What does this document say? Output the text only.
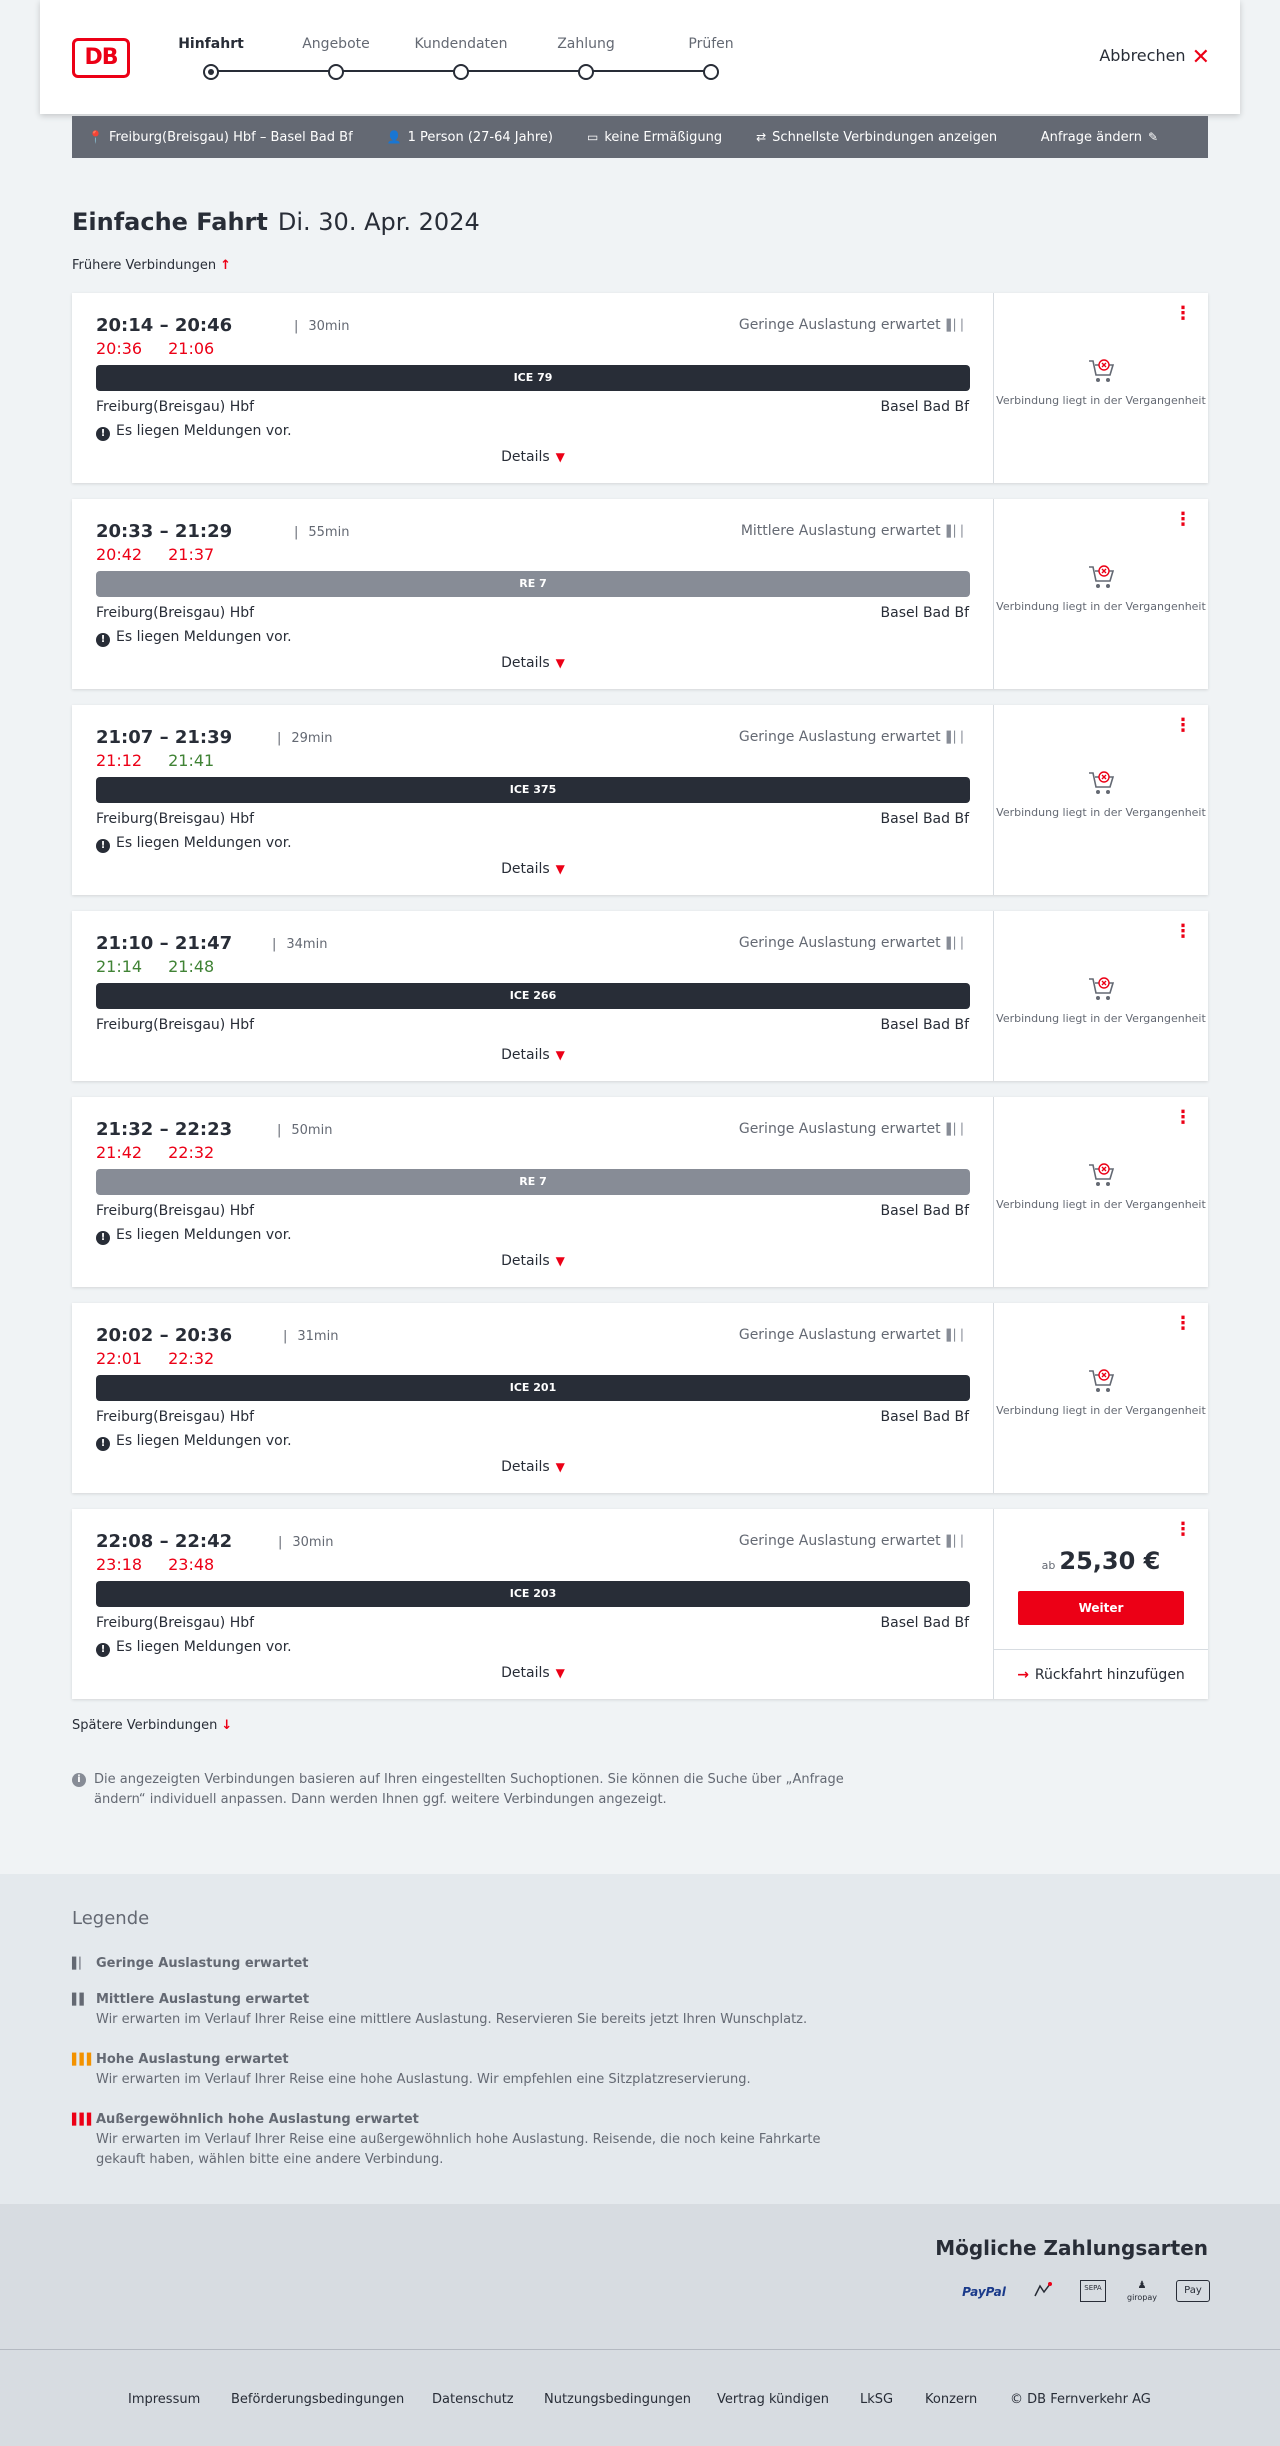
DB
Hinfahrt	Angebote	Kundendaten	Zahlung	Prüfen
Abbrechen ✕
📍 Freiburg(Breisgau) Hbf – Basel Bad Bf	👤 1 Person (27-64 Jahre)	▭ keine Ermäßigung	⇄ Schnellste Verbindungen anzeigen	Anfrage ändern ✎
Einfache Fahrt Di. 30. Apr. 2024
Frühere Verbindungen ↑
20:14 – 20:46	| 30min
20:36 21:06
Geringe Auslastung erwartet ▌▏▏
ICE 79
Freiburg(Breisgau) Hbf	Basel Bad Bf
! Es liegen Meldungen vor.
Details ▼
⋮
Verbindung liegt in der Vergangenheit
20:33 – 21:29	| 55min
20:42 21:37
Mittlere Auslastung erwartet ▌▏▏
RE 7
Freiburg(Breisgau) Hbf	Basel Bad Bf
! Es liegen Meldungen vor.
Details ▼
⋮
Verbindung liegt in der Vergangenheit
21:07 – 21:39	| 29min
21:12 21:41
Geringe Auslastung erwartet ▌▏▏
ICE 375
Freiburg(Breisgau) Hbf	Basel Bad Bf
! Es liegen Meldungen vor.
Details ▼
⋮
Verbindung liegt in der Vergangenheit
21:10 – 21:47	| 34min
21:14 21:48
Geringe Auslastung erwartet ▌▏▏
ICE 266
Freiburg(Breisgau) Hbf	Basel Bad Bf
Details ▼
⋮
Verbindung liegt in der Vergangenheit
21:32 – 22:23	| 50min
21:42 22:32
Geringe Auslastung erwartet ▌▏▏
RE 7
Freiburg(Breisgau) Hbf	Basel Bad Bf
! Es liegen Meldungen vor.
Details ▼
⋮
Verbindung liegt in der Vergangenheit
20:02 – 20:36	| 31min
22:01 22:32
Geringe Auslastung erwartet ▌▏▏
ICE 201
Freiburg(Breisgau) Hbf	Basel Bad Bf
! Es liegen Meldungen vor.
Details ▼
⋮
Verbindung liegt in der Vergangenheit
22:08 – 22:42	| 30min
23:18 23:48
Geringe Auslastung erwartet ▌▏▏
ICE 203
Freiburg(Breisgau) Hbf	Basel Bad Bf
! Es liegen Meldungen vor.
Details ▼
⋮
ab 25,30 €
Weiter
→ Rückfahrt hinzufügen
Spätere Verbindungen ↓
i	Die angezeigten Verbindungen basieren auf Ihren eingestellten Suchoptionen. Sie können die Suche über „Anfrage ändern“ individuell anpassen. Dann werden Ihnen ggf. weitere Verbindungen angezeigt.
Legende
▌▏ Geringe Auslastung erwartet
▌▌ Mittlere Auslastung erwartet
Wir erwarten im Verlauf Ihrer Reise eine mittlere Auslastung. Reservieren Sie bereits jetzt Ihren Wunschplatz.
▌▌▌ Hohe Auslastung erwartet
Wir erwarten im Verlauf Ihrer Reise eine hohe Auslastung. Wir empfehlen eine Sitzplatzreservierung.
▌▌▌ Außergewöhnlich hohe Auslastung erwartet
Wir erwarten im Verlauf Ihrer Reise eine außergewöhnlich hohe Auslastung. Reisende, die noch keine Fahrkarte gekauft haben, wählen bitte eine andere Verbindung.
Mögliche Zahlungsarten
PayPal	SEPA	♟
giropay
Pay
Impressum Beförderungsbedingungen Datenschutz Nutzungsbedingungen Vertrag kündigen LkSG Konzern	© DB Fernverkehr AG
